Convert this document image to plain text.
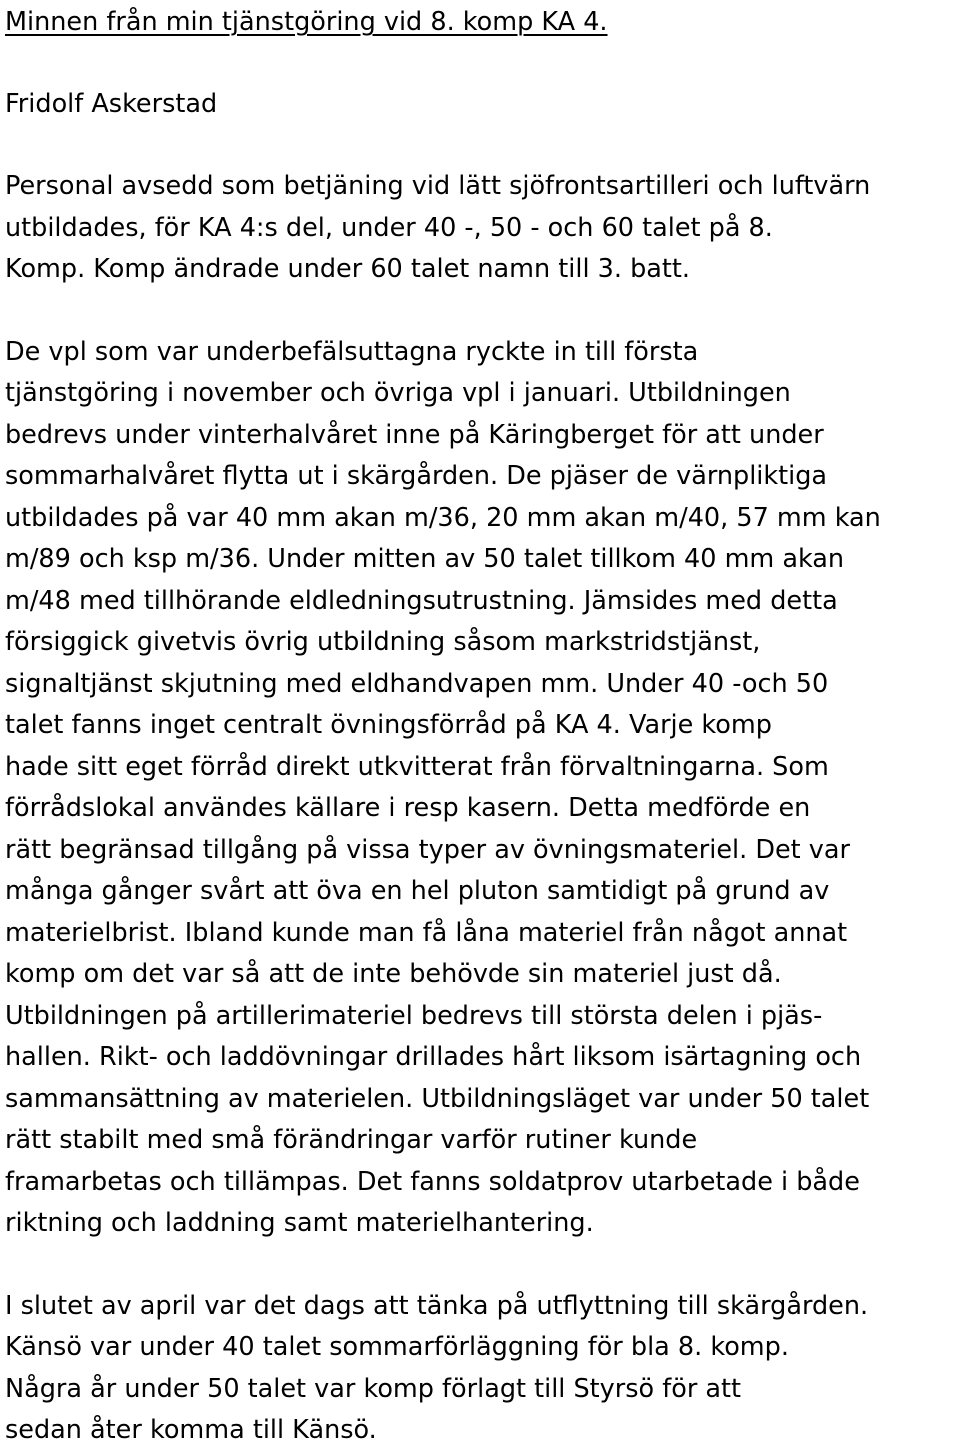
Minnen från min tjänstgöring vid 8. komp KA 4.
Fridolf Askerstad

Personal avsedd som betjäning vid lätt sjöfrontsartilleri och luftvärn
utbildades, för KA 4:s del, under 40 -, 50 - och 60 talet på 8.
Komp. Komp ändrade under 60 talet namn till 3. batt.

De vpl som var underbefälsuttagna ryckte in till första
tjänstgöring i november och övriga vpl i januari. Utbildningen
bedrevs under vinterhalvåret inne på Käringberget för att under
sommarhalvåret flytta ut i skärgården. De pjäser de värnpliktiga
utbildades på var 40 mm akan m/36, 20 mm akan m/40, 57 mm kan
m/89 och ksp m/36. Under mitten av 50 talet tillkom 40 mm akan
m/48 med tillhörande eldledningsutrustning. Jämsides med detta
försiggick givetvis övrig utbildning såsom markstridstjänst,
signaltjänst skjutning med eldhandvapen mm. Under 40 -och 50
talet fanns inget centralt övningsförråd på KA 4. Varje komp
hade sitt eget förråd direkt utkvitterat från förvaltningarna. Som
förrådslokal användes källare i resp kasern. Detta medförde en
rätt begränsad tillgång på vissa typer av övningsmateriel. Det var
många gånger svårt att öva en hel pluton samtidigt på grund av
materielbrist. Ibland kunde man få låna materiel från något annat
komp om det var så att de inte behövde sin materiel just då.
Utbildningen på artillerimateriel bedrevs till största delen i pjäs-
hallen. Rikt- och laddövningar drillades hårt liksom isärtagning och
sammansättning av materielen. Utbildningsläget var under 50 talet
rätt stabilt med små förändringar varför rutiner kunde
framarbetas och tillämpas. Det fanns soldatprov utarbetade i både
riktning och laddning samt materielhantering.

I slutet av april var det dags att tänka på utflyttning till skärgården.
Känsö var under 40 talet sommarförläggning för bla 8. komp.
Några år under 50 talet var komp förlagt till Styrsö för att
sedan åter komma till Känsö.
